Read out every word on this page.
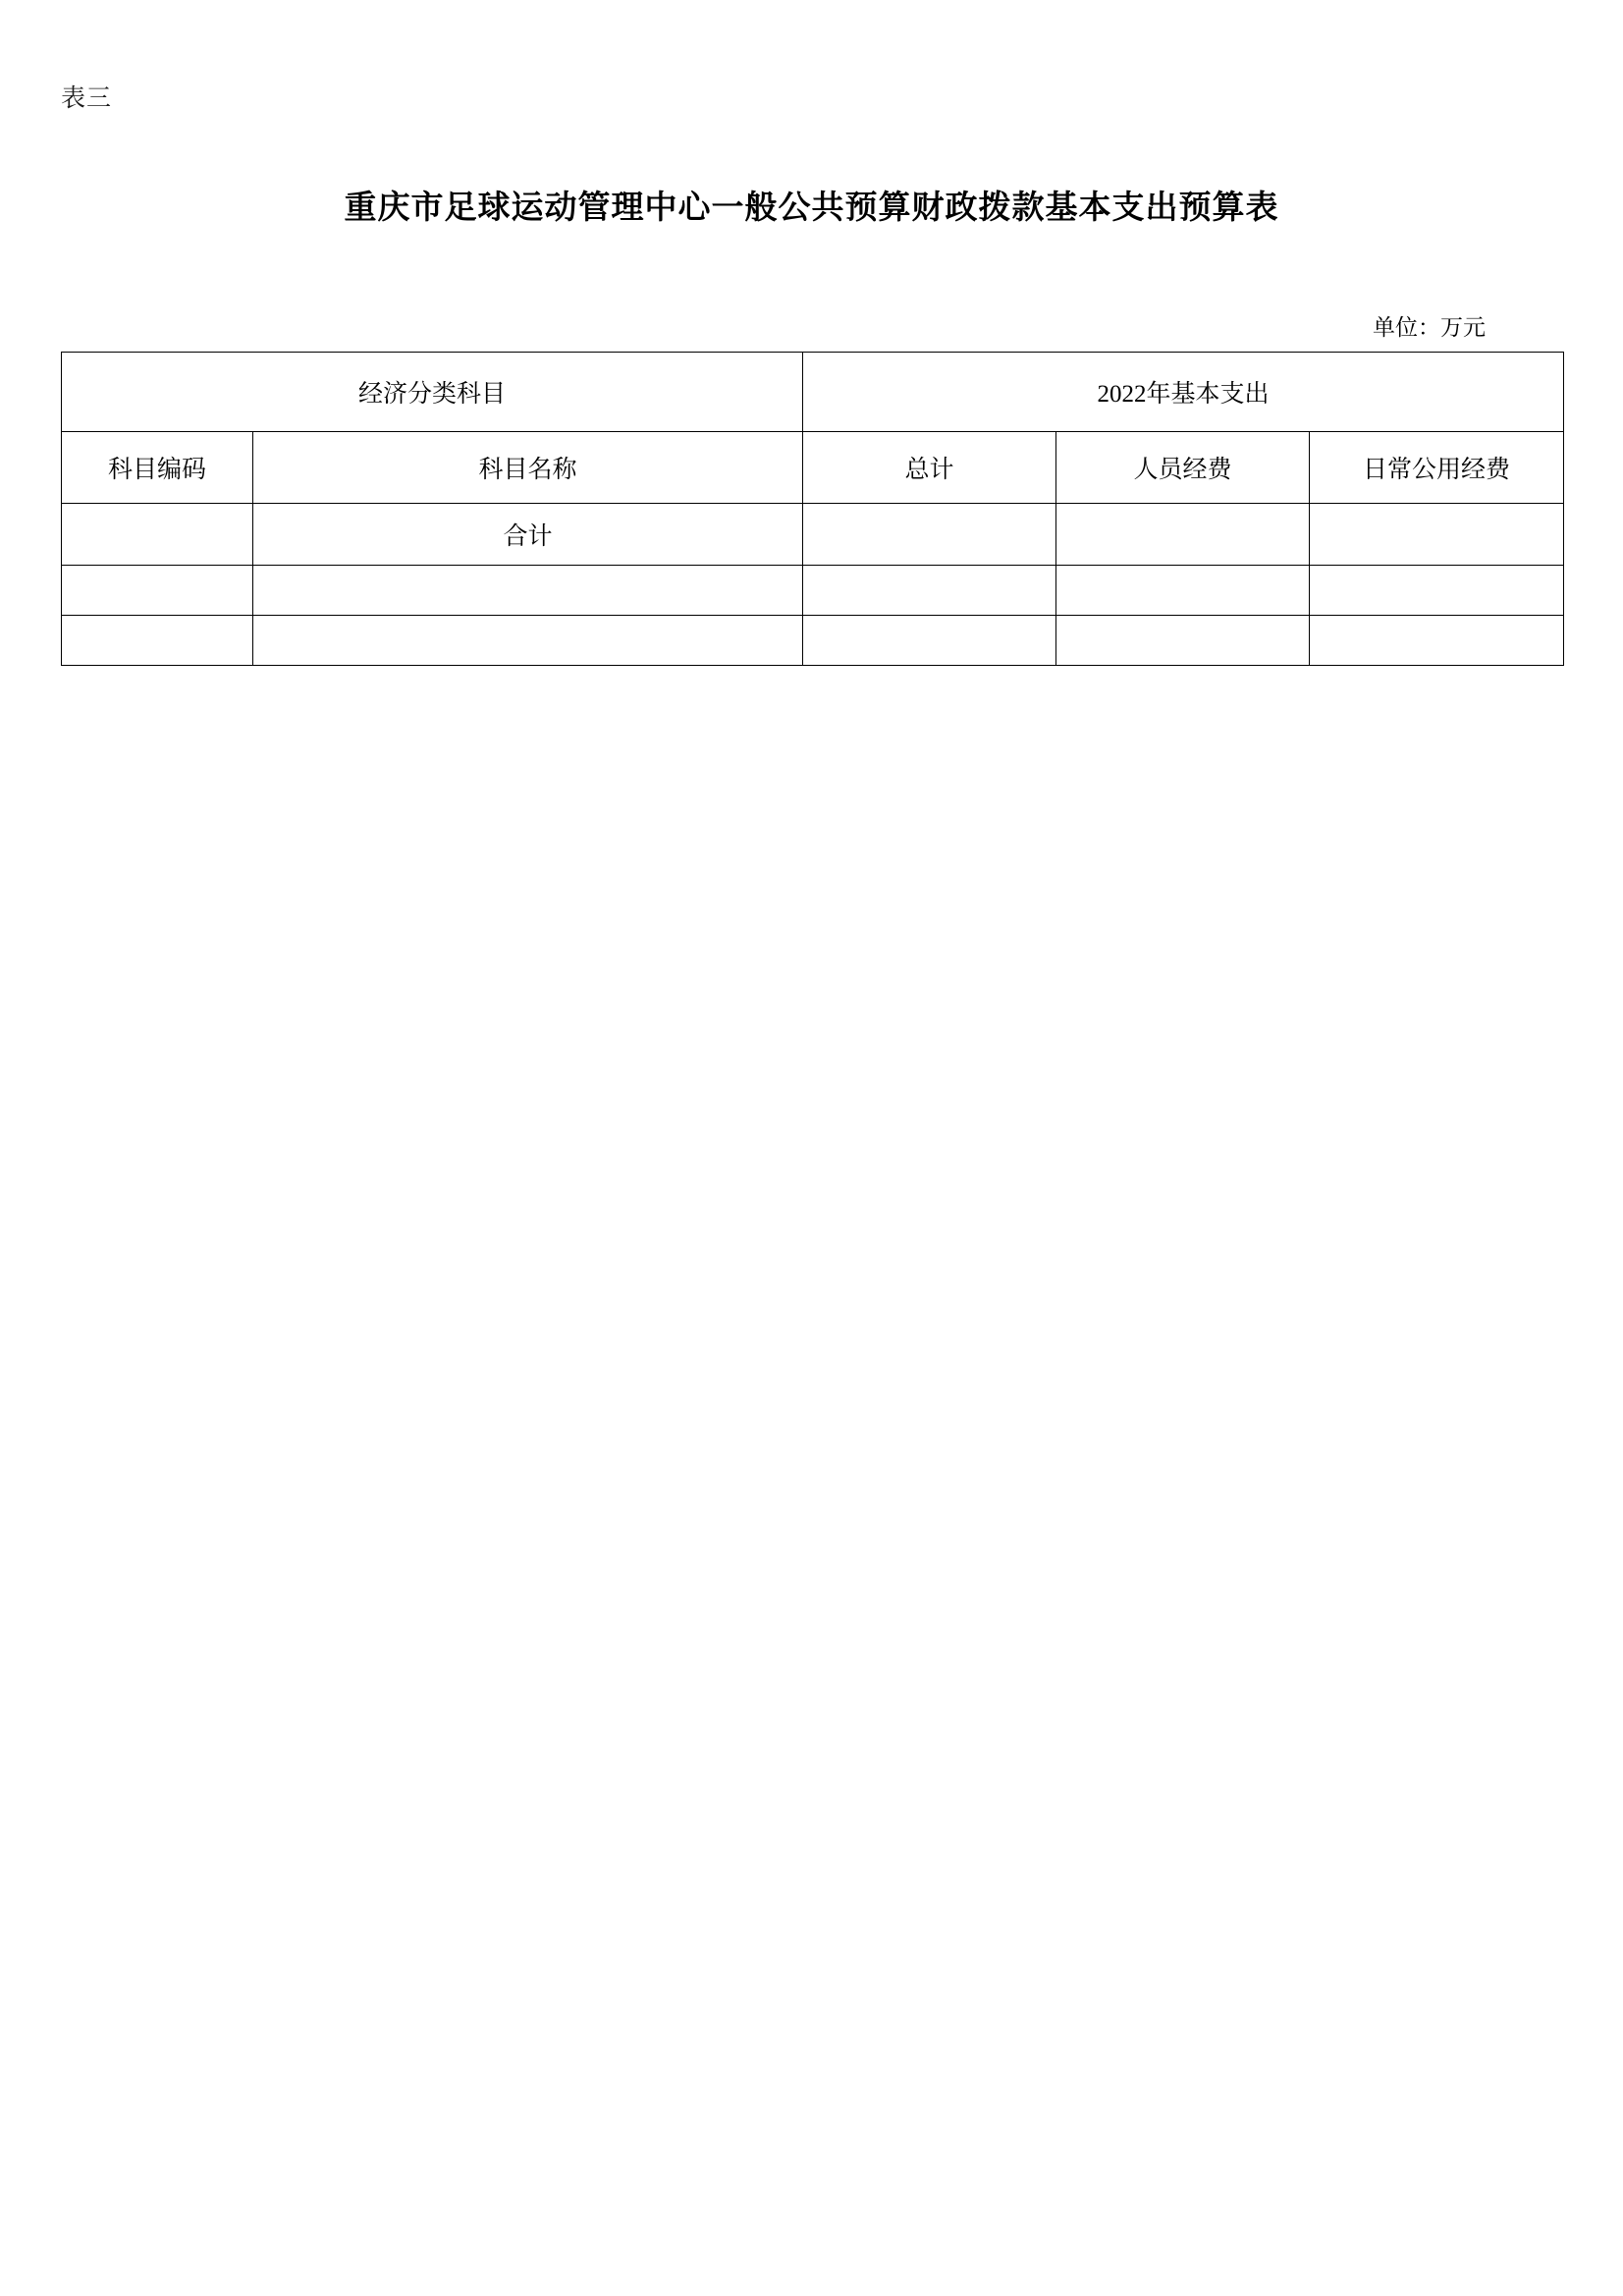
表三
重庆市足球运动管理中心一般公共预算财政拨款基本支出预算表
单位：万元
经济分类科目		2022年基本支出		
科目编码	科目名称	总计	人员经费	日常公用经费
	合计			
